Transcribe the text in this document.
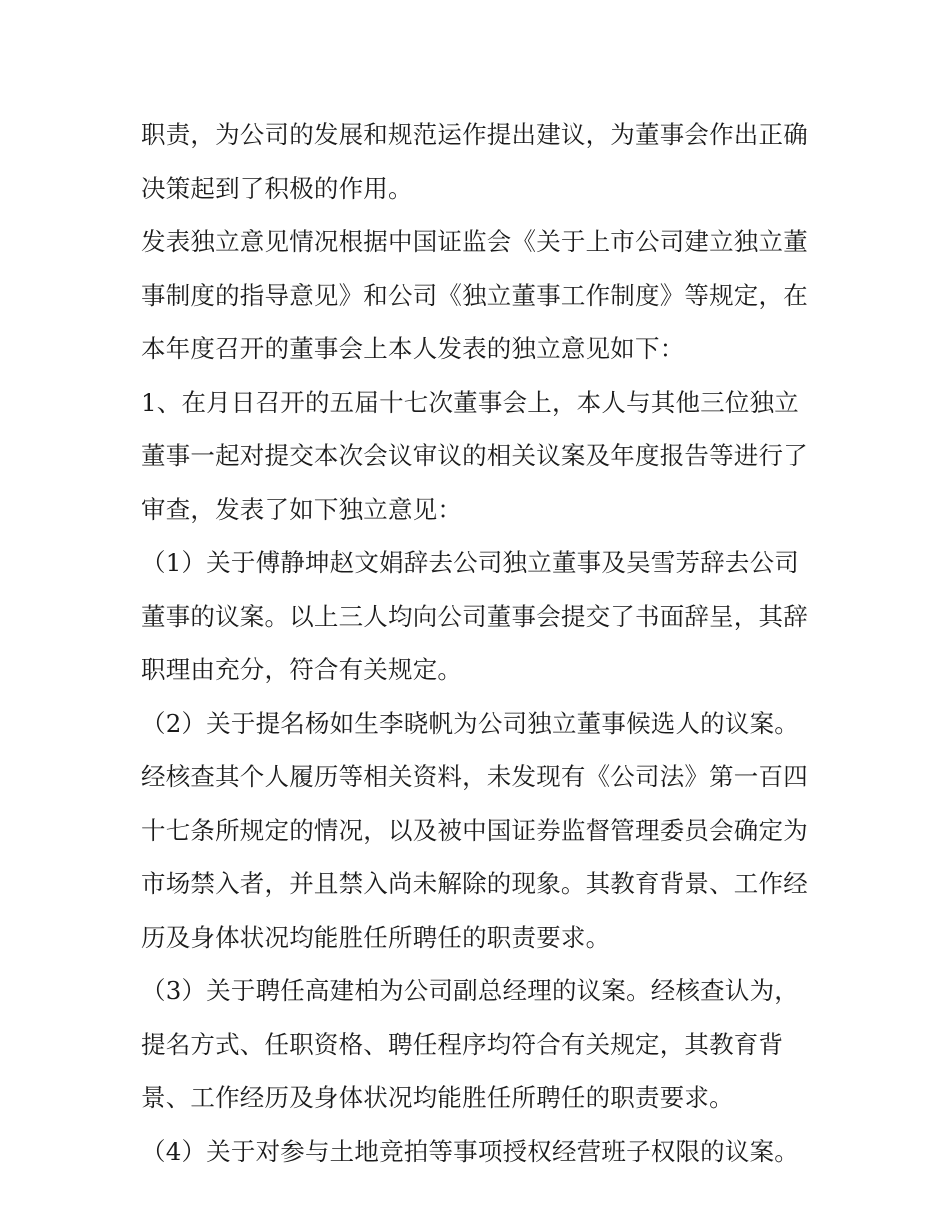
职责，为公司的发展和规范运作提出建议，为董事会作出正确
决策起到了积极的作用。
发表独立意见情况根据中国证监会《关于上市公司建立独立董
事制度的指导意见》和公司《独立董事工作制度》等规定，在
本年度召开的董事会上本人发表的独立意见如下：
1、在月日召开的五届十七次董事会上，本人与其他三位独立
董事一起对提交本次会议审议的相关议案及年度报告等进行了
审查，发表了如下独立意见：
（1）关于傅静坤赵文娟辞去公司独立董事及吴雪芳辞去公司
董事的议案。以上三人均向公司董事会提交了书面辞呈，其辞
职理由充分，符合有关规定。
（2）关于提名杨如生李晓帆为公司独立董事候选人的议案。
经核查其个人履历等相关资料，未发现有《公司法》第一百四
十七条所规定的情况，以及被中国证券监督管理委员会确定为
市场禁入者，并且禁入尚未解除的现象。其教育背景、工作经
历及身体状况均能胜任所聘任的职责要求。
（3）关于聘任高建柏为公司副总经理的议案。经核查认为，
提名方式、任职资格、聘任程序均符合有关规定，其教育背
景、工作经历及身体状况均能胜任所聘任的职责要求。
（4）关于对参与土地竞拍等事项授权经营班子权限的议案。
